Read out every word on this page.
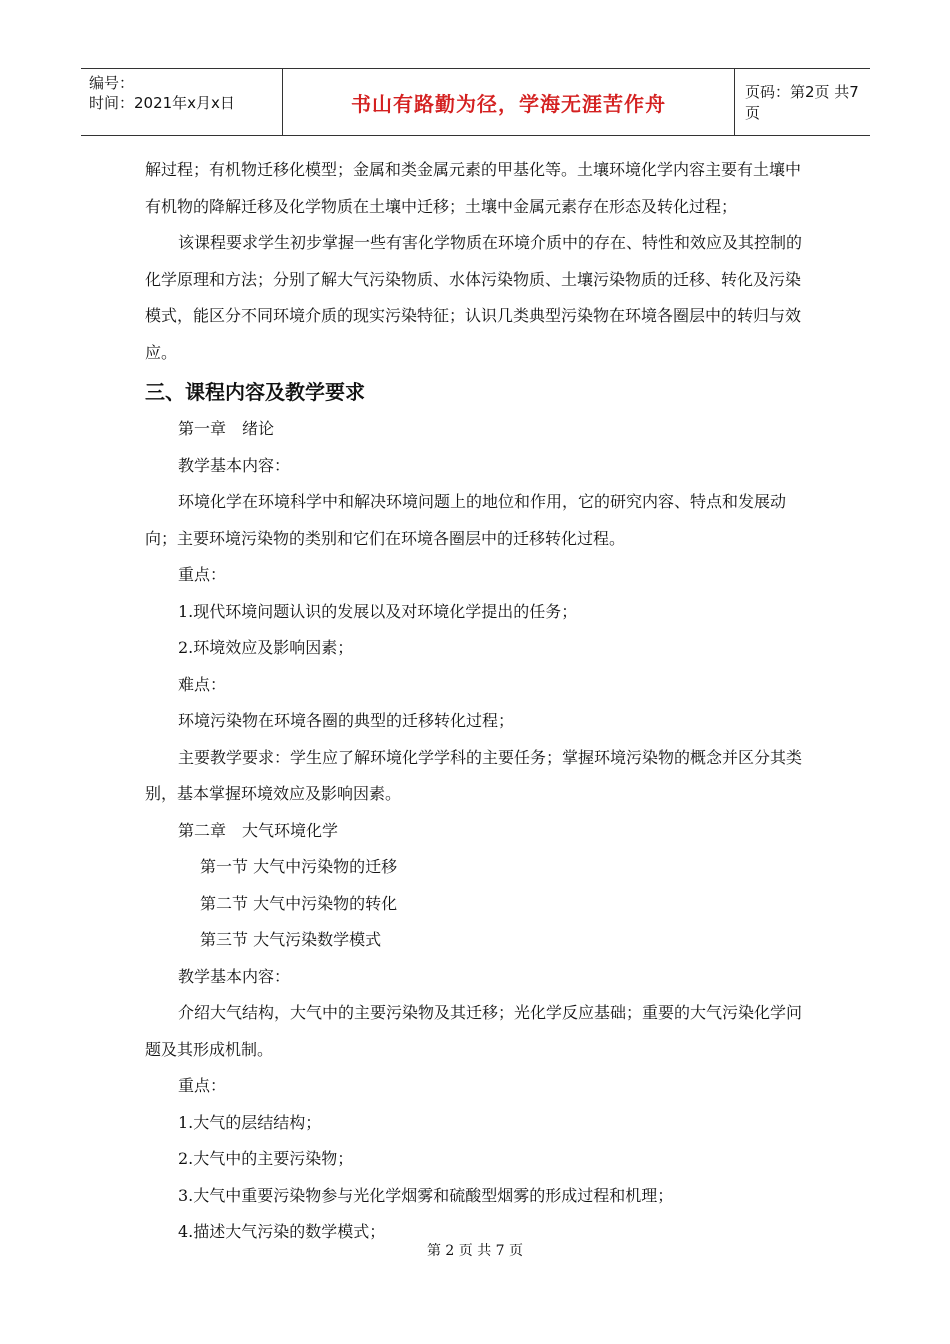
编号：
时间：2021年x月x日	书山有路勤为径，学海无涯苦作舟	页码：第2页 共7页

解过程；有机物迁移化模型；金属和类金属元素的甲基化等。土壤环境化学内容主要有土壤中有机物的降解迁移及化学物质在土壤中迁移；土壤中金属元素存在形态及转化过程；

该课程要求学生初步掌握一些有害化学物质在环境介质中的存在、特性和效应及其控制的化学原理和方法；分别了解大气污染物质、水体污染物质、土壤污染物质的迁移、转化及污染模式，能区分不同环境介质的现实污染特征；认识几类典型污染物在环境各圈层中的转归与效应。

三、课程内容及教学要求

第一章　绪论

教学基本内容：

环境化学在环境科学中和解决环境问题上的地位和作用，它的研究内容、特点和发展动向；主要环境污染物的类别和它们在环境各圈层中的迁移转化过程。

重点：

1.现代环境问题认识的发展以及对环境化学提出的任务；

2.环境效应及影响因素；

难点：

环境污染物在环境各圈的典型的迁移转化过程；

主要教学要求：学生应了解环境化学学科的主要任务；掌握环境污染物的概念并区分其类别，基本掌握环境效应及影响因素。

第二章　大气环境化学

第一节 大气中污染物的迁移

第二节 大气中污染物的转化

第三节 大气污染数学模式

教学基本内容：

介绍大气结构，大气中的主要污染物及其迁移；光化学反应基础；重要的大气污染化学问题及其形成机制。

重点：

1.大气的层结结构；

2.大气中的主要污染物；

3.大气中重要污染物参与光化学烟雾和硫酸型烟雾的形成过程和机理；

4.描述大气污染的数学模式；

第 2 页 共 7 页
